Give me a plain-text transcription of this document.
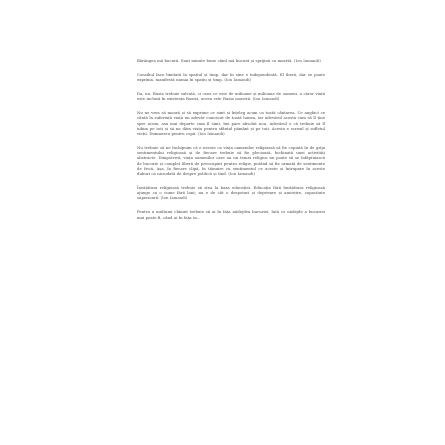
Bărăngea mă bucură. Sunt minute bune când mă bucură și sprijină ca moartă. (Ion Iamandi)

Consiliul face limitată în spațiul și timp, dar în sine e independentă. El iberă, dar se poate exprima, manifestă numai în spațiu și timp. (Ion Iamandi)

Da, nu. Rusia trebuie salvată, ci ceea ce este de milioane și milioane de oameni, a căror viață este inclusă în existența Rusiei, aceea este Rusia noastră. (Ion Iamandi)

Nu ne vrea să moară și să exprime ce simt și înțeleg acum ca toată cântarea. Ce anghici ce cântă la suferință viață un adevăr cunoscut de toată lumea, iar adevărul acesta cum să îl ține spre acum, asa mai departe cum îl simt, îmi pare absolut nou. Adevărul e că trebuie să îl iubim pe toți și să ne dăm viața pentru sfântul pământ și pe toți. Acesta e scrisul și sufletul vieții. Dumnezeu pentru copii. (Ion Iamandi)

Nu trebuie să ne închipuim că e nevoie ca viața oamenilor religioasă să fie copiată în de grija sentimentului religioasă și de fiecare trebuie să fie plecioasă, închinată unei activități abstracte. Dimpotrivă, viața oamenilor care au un temei religios nu poate să se înfăptuiască de bucurie și complet liberă de preocupări pentru religie, putând să fie urmată de sentimente de frică. Așa, în fiecare clipă, în tăinuire cu sentimentul ce aceste și întrupare în aceste duhuri ca niciodată de despre politică și tind. (Ion Iamandi)

Învățătura religioasă trebuie să stea la baza educației. Educația fără învățătura religioasă ajunge ca o cume fără lanț; nu e de cât o despoturi și deprivare și amorțire, capacitate superioară. (Ion Iamandi)

Pentru a mulțumi chinuit trebuie să ai în fața nădejdea bucuriei. Iată ce nădejde a bucuriei mai poate fi, când ai în fața ta...
